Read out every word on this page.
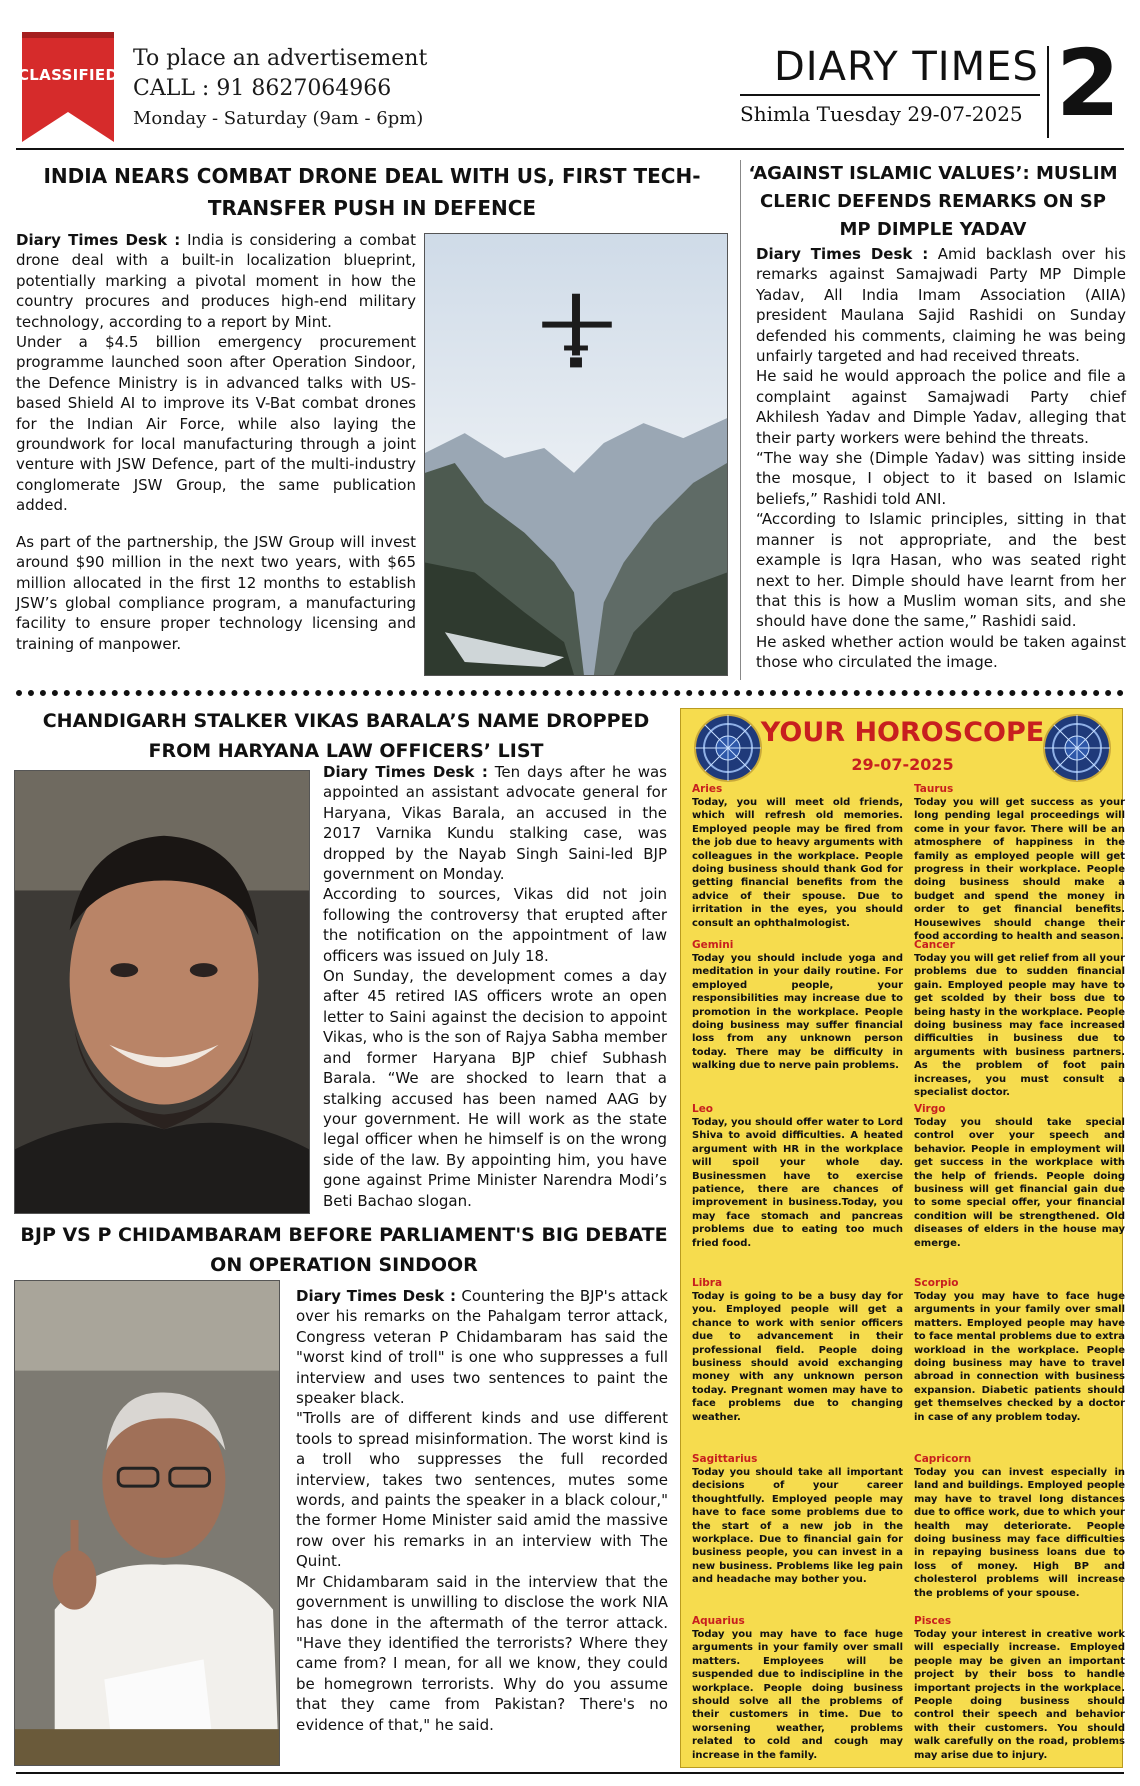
CLASSIFIED
To place an advertisement
CALL : 91 8627064966
Monday - Saturday (9am - 6pm)
DIARY TIMES
Shimla Tuesday 29-07-2025 2
INDIA NEARS COMBAT DRONE DEAL WITH US, FIRST TECH-TRANSFER PUSH IN DEFENCE

Diary Times Desk : India is considering a combat drone deal with a built-in localization blueprint, potentially marking a pivotal moment in how the country procures and produces high-end military technology, according to a report by Mint.

Under a $4.5 billion emergency procurement programme launched soon after Operation Sindoor, the Defence Ministry is in advanced talks with US-based Shield AI to improve its V-Bat combat drones for the Indian Air Force, while also laying the groundwork for local manufacturing through a joint venture with JSW Defence, part of the multi-industry conglomerate JSW Group, the same publication added.

As part of the partnership, the JSW Group will invest around $90 million in the next two years, with $65 million allocated in the first 12 months to establish JSW’s global compliance program, a manufacturing facility to ensure proper technology licensing and training of manpower.

‘AGAINST ISLAMIC VALUES’: MUSLIM CLERIC DEFENDS REMARKS ON SP MP DIMPLE YADAV

Diary Times Desk : Amid backlash over his remarks against Samajwadi Party MP Dimple Yadav, All India Imam Association (AIIA) president Maulana Sajid Rashidi on Sunday defended his comments, claiming he was being unfairly targeted and had received threats.

He said he would approach the police and file a complaint against Samajwadi Party chief Akhilesh Yadav and Dimple Yadav, alleging that their party workers were behind the threats.

“The way she (Dimple Yadav) was sitting inside the mosque, I object to it based on Islamic beliefs,” Rashidi told ANI.

“According to Islamic principles, sitting in that manner is not appropriate, and the best example is Iqra Hasan, who was seated right next to her. Dimple should have learnt from her that this is how a Muslim woman sits, and she should have done the same,” Rashidi said.

He asked whether action would be taken against those who circulated the image.

CHANDIGARH STALKER VIKAS BARALA’S NAME DROPPED FROM HARYANA LAW OFFICERS’ LIST

Diary Times Desk : Ten days after he was appointed an assistant advocate general for Haryana, Vikas Barala, an accused in the 2017 Varnika Kundu stalking case, was dropped by the Nayab Singh Saini-led BJP government on Monday.

According to sources, Vikas did not join following the controversy that erupted after the notification on the appointment of law officers was issued on July 18.

On Sunday, the development comes a day after 45 retired IAS officers wrote an open letter to Saini against the decision to appoint Vikas, who is the son of Rajya Sabha member and former Haryana BJP chief Subhash Barala. “We are shocked to learn that a stalking accused has been named AAG by your government. He will work as the state legal officer when he himself is on the wrong side of the law. By appointing him, you have gone against Prime Minister Narendra Modi’s Beti Bachao slogan.

BJP VS P CHIDAMBARAM BEFORE PARLIAMENT'S BIG DEBATE ON OPERATION SINDOOR

Diary Times Desk : Countering the BJP's attack over his remarks on the Pahalgam terror attack, Congress veteran P Chidambaram has said the "worst kind of troll" is one who suppresses a full interview and uses two sentences to paint the speaker black.

"Trolls are of different kinds and use different tools to spread misinformation. The worst kind is a troll who suppresses the full recorded interview, takes two sentences, mutes some words, and paints the speaker in a black colour," the former Home Minister said amid the massive row over his remarks in an interview with The Quint.

Mr Chidambaram said in the interview that the government is unwilling to disclose the work NIA has done in the aftermath of the terror attack. "Have they identified the terrorists? Where they came from? I mean, for all we know, they could be homegrown terrorists. Why do you assume that they came from Pakistan? There's no evidence of that," he said.

YOUR HOROSCOPE
29-07-2025
Aries
Today, you will meet old friends, which will refresh old memories. Employed people may be fired from the job due to heavy arguments with colleagues in the workplace. People doing business should thank God for getting financial benefits from the advice of their spouse. Due to irritation in the eyes, you should consult an ophthalmologist.
Taurus
Today you will get success as your long pending legal proceedings will come in your favor. There will be an atmosphere of happiness in the family as employed people will get progress in their workplace. People doing business should make a budget and spend the money in order to get financial benefits. Housewives should change their food according to health and season.
Gemini
Today you should include yoga and meditation in your daily routine. For employed people, your responsibilities may increase due to promotion in the workplace. People doing business may suffer financial loss from any unknown person today. There may be difficulty in walking due to nerve pain problems.
Cancer
Today you will get relief from all your problems due to sudden financial gain. Employed people may have to get scolded by their boss due to being hasty in the workplace. People doing business may face increased difficulties in business due to arguments with business partners. As the problem of foot pain increases, you must consult a specialist doctor.
Leo
Today, you should offer water to Lord Shiva to avoid difficulties. A heated argument with HR in the workplace will spoil your whole day. Businessmen have to exercise patience, there are chances of improvement in business.Today, you may face stomach and pancreas problems due to eating too much fried food.
Virgo
Today you should take special control over your speech and behavior. People in employment will get success in the workplace with the help of friends. People doing business will get financial gain due to some special offer, your financial condition will be strengthened. Old diseases of elders in the house may emerge.
Libra
Today is going to be a busy day for you. Employed people will get a chance to work with senior officers due to advancement in their professional field. People doing business should avoid exchanging money with any unknown person today. Pregnant women may have to face problems due to changing weather.
Scorpio
Today you may have to face huge arguments in your family over small matters. Employed people may have to face mental problems due to extra workload in the workplace. People doing business may have to travel abroad in connection with business expansion. Diabetic patients should get themselves checked by a doctor in case of any problem today.
Sagittarius
Today you should take all important decisions of your career thoughtfully. Employed people may have to face some problems due to the start of a new job in the workplace. Due to financial gain for business people, you can invest in a new business. Problems like leg pain and headache may bother you.
Capricorn
Today you can invest especially in land and buildings. Employed people may have to travel long distances due to office work, due to which your health may deteriorate. People doing business may face difficulties in repaying business loans due to loss of money. High BP and cholesterol problems will increase the problems of your spouse.
Aquarius
Today you may have to face huge arguments in your family over small matters. Employees will be suspended due to indiscipline in the workplace. People doing business should solve all the problems of their customers in time. Due to worsening weather, problems related to cold and cough may increase in the family.
Pisces
Today your interest in creative work will especially increase. Employed people may be given an important project by their boss to handle important projects in the workplace. People doing business should control their speech and behavior with their customers. You should walk carefully on the road, problems may arise due to injury.
